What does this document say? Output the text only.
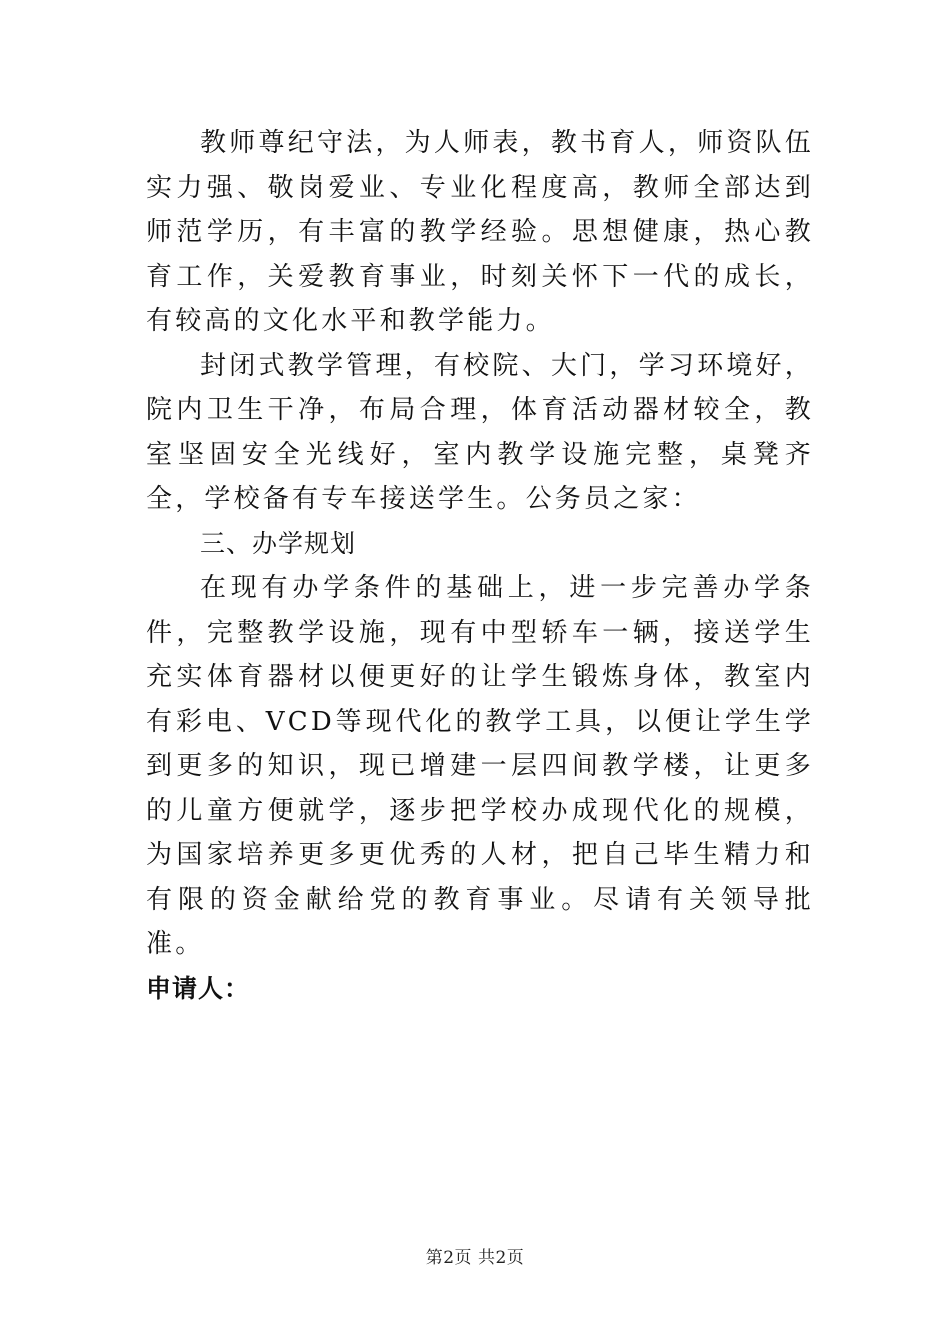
教师尊纪守法，为人师表，教书育人，师资队伍实力强、敬岗爱业、专业化程度高，教师全部达到师范学历，有丰富的教学经验。思想健康，热心教育工作，关爱教育事业，时刻关怀下一代的成长，有较高的文化水平和教学能力。

封闭式教学管理，有校院、大门，学习环境好，院内卫生干净，布局合理，体育活动器材较全，教室坚固安全光线好，室内教学设施完整，桌凳齐全，学校备有专车接送学生。公务员之家：

三、办学规划

在现有办学条件的基础上，进一步完善办学条件，完整教学设施，现有中型轿车一辆，接送学生充实体育器材以便更好的让学生锻炼身体，教室内有彩电、VCD等现代化的教学工具，以便让学生学到更多的知识，现已增建一层四间教学楼，让更多的儿童方便就学，逐步把学校办成现代化的规模，为国家培养更多更优秀的人材，把自己毕生精力和有限的资金献给党的教育事业。尽请有关领导批准。

申请人：

第2页 共2页
